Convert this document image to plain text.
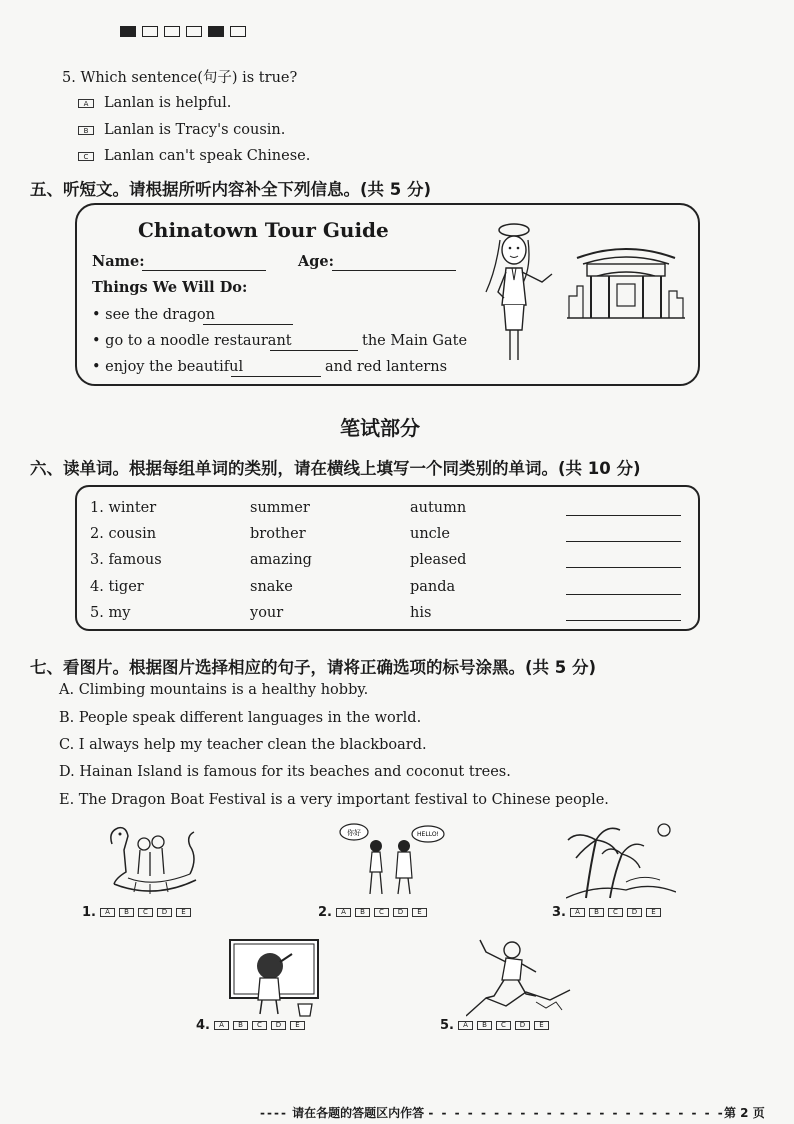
5. Which sentence(句子) is true?
A	Lanlan is helpful.
B	Lanlan is Tracy's cousin.
C	Lanlan can't speak Chinese.
五、听短文。请根据所听内容补全下列信息。(共 5 分)
Chinatown Tour Guide
Name:	Age:
Things We Will Do:
• see the dragon
• go to a noodle restaurant	the Main Gate
• enjoy the beautiful	and red lanterns
笔试部分
六、读单词。根据每组单词的类别，请在横线上填写一个同类别的单词。(共 10 分)
1. winter	summer	autumn
2. cousin	brother	uncle
3. famous	amazing	pleased
4. tiger	snake	panda
5. my	your	his
七、看图片。根据图片选择相应的句子，请将正确选项的标号涂黑。(共 5 分)
A. Climbing mountains is a healthy hobby.
B. People speak different languages in the world.
C. I always help my teacher clean the blackboard.
D. Hainan Island is famous for its beaches and coconut trees.
E. The Dragon Boat Festival is a very important festival to Chinese people.
你好	HELLO!
1.	A	B	C	D	E	2.	A	B	C	D	E	3.	A	B	C	D	E
4.	A	B	C	D	E	5.	A	B	C	D	E
---- 请在各题的答题区内作答 - - - - - - - - - - - - - - - - - - - - - - - 第 2 页
